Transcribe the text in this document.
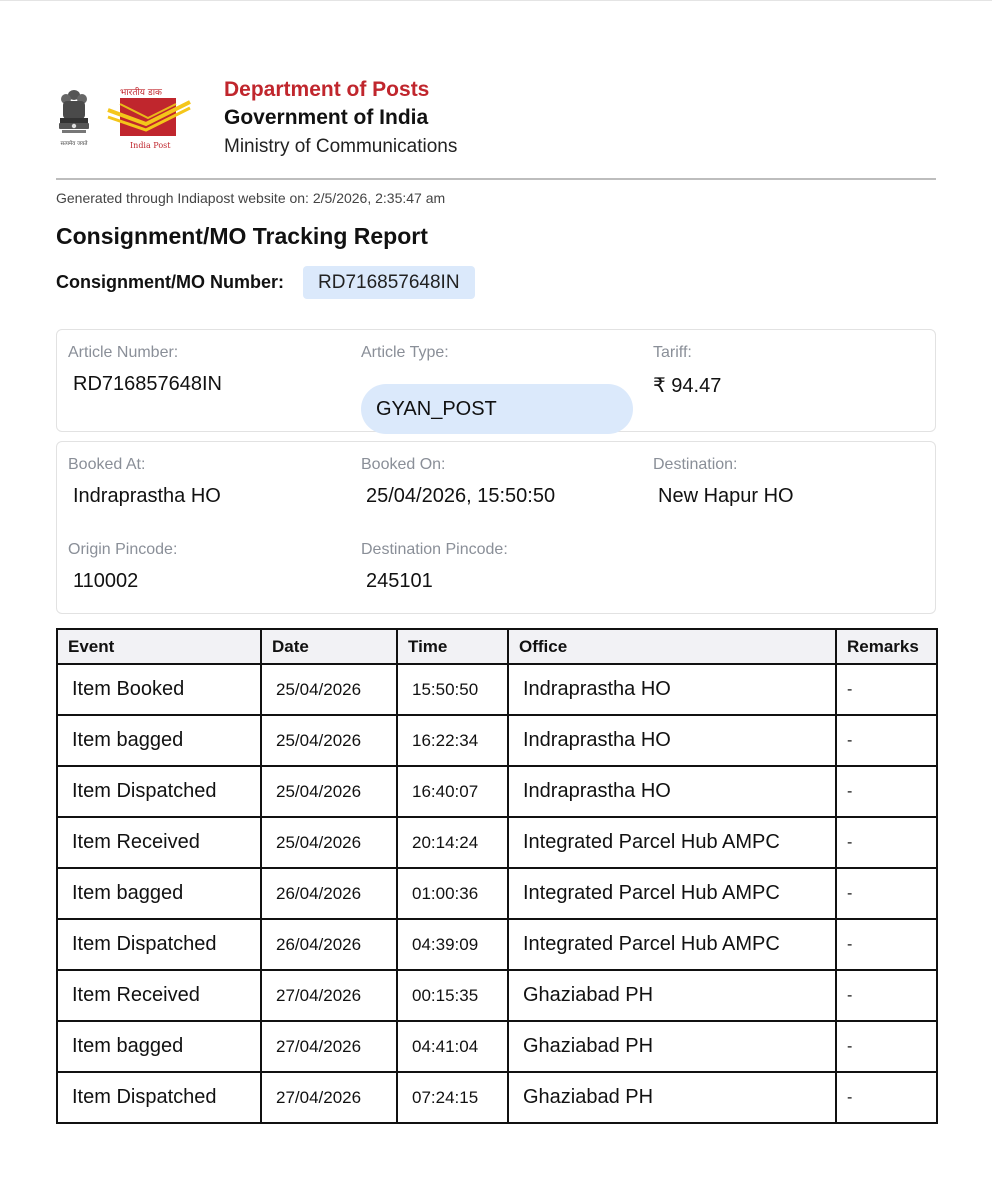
सत्यमेव जयते
भारतीय डाक
India Post
Department of Posts
Government of India
Ministry of Communications
Generated through Indiapost website on: 2/5/2026, 2:35:47 am
Consignment/MO Tracking Report
Consignment/MO Number:	RD716857648IN
Article Number:
RD716857648IN
Article Type:
GYAN_POST
Tariff:
₹ 94.47
Booked At:
Indraprastha HO
Booked On:
25/04/2026, 15:50:50
Destination:
New Hapur HO
Origin Pincode:
110002
Destination Pincode:
245101
Event	Date	Time	Office	Remarks
Item Booked	25/04/2026	15:50:50	Indraprastha HO	-
Item bagged	25/04/2026	16:22:34	Indraprastha HO	-
Item Dispatched	25/04/2026	16:40:07	Indraprastha HO	-
Item Received	25/04/2026	20:14:24	Integrated Parcel Hub AMPC	-
Item bagged	26/04/2026	01:00:36	Integrated Parcel Hub AMPC	-
Item Dispatched	26/04/2026	04:39:09	Integrated Parcel Hub AMPC	-
Item Received	27/04/2026	00:15:35	Ghaziabad PH	-
Item bagged	27/04/2026	04:41:04	Ghaziabad PH	-
Item Dispatched	27/04/2026	07:24:15	Ghaziabad PH	-
